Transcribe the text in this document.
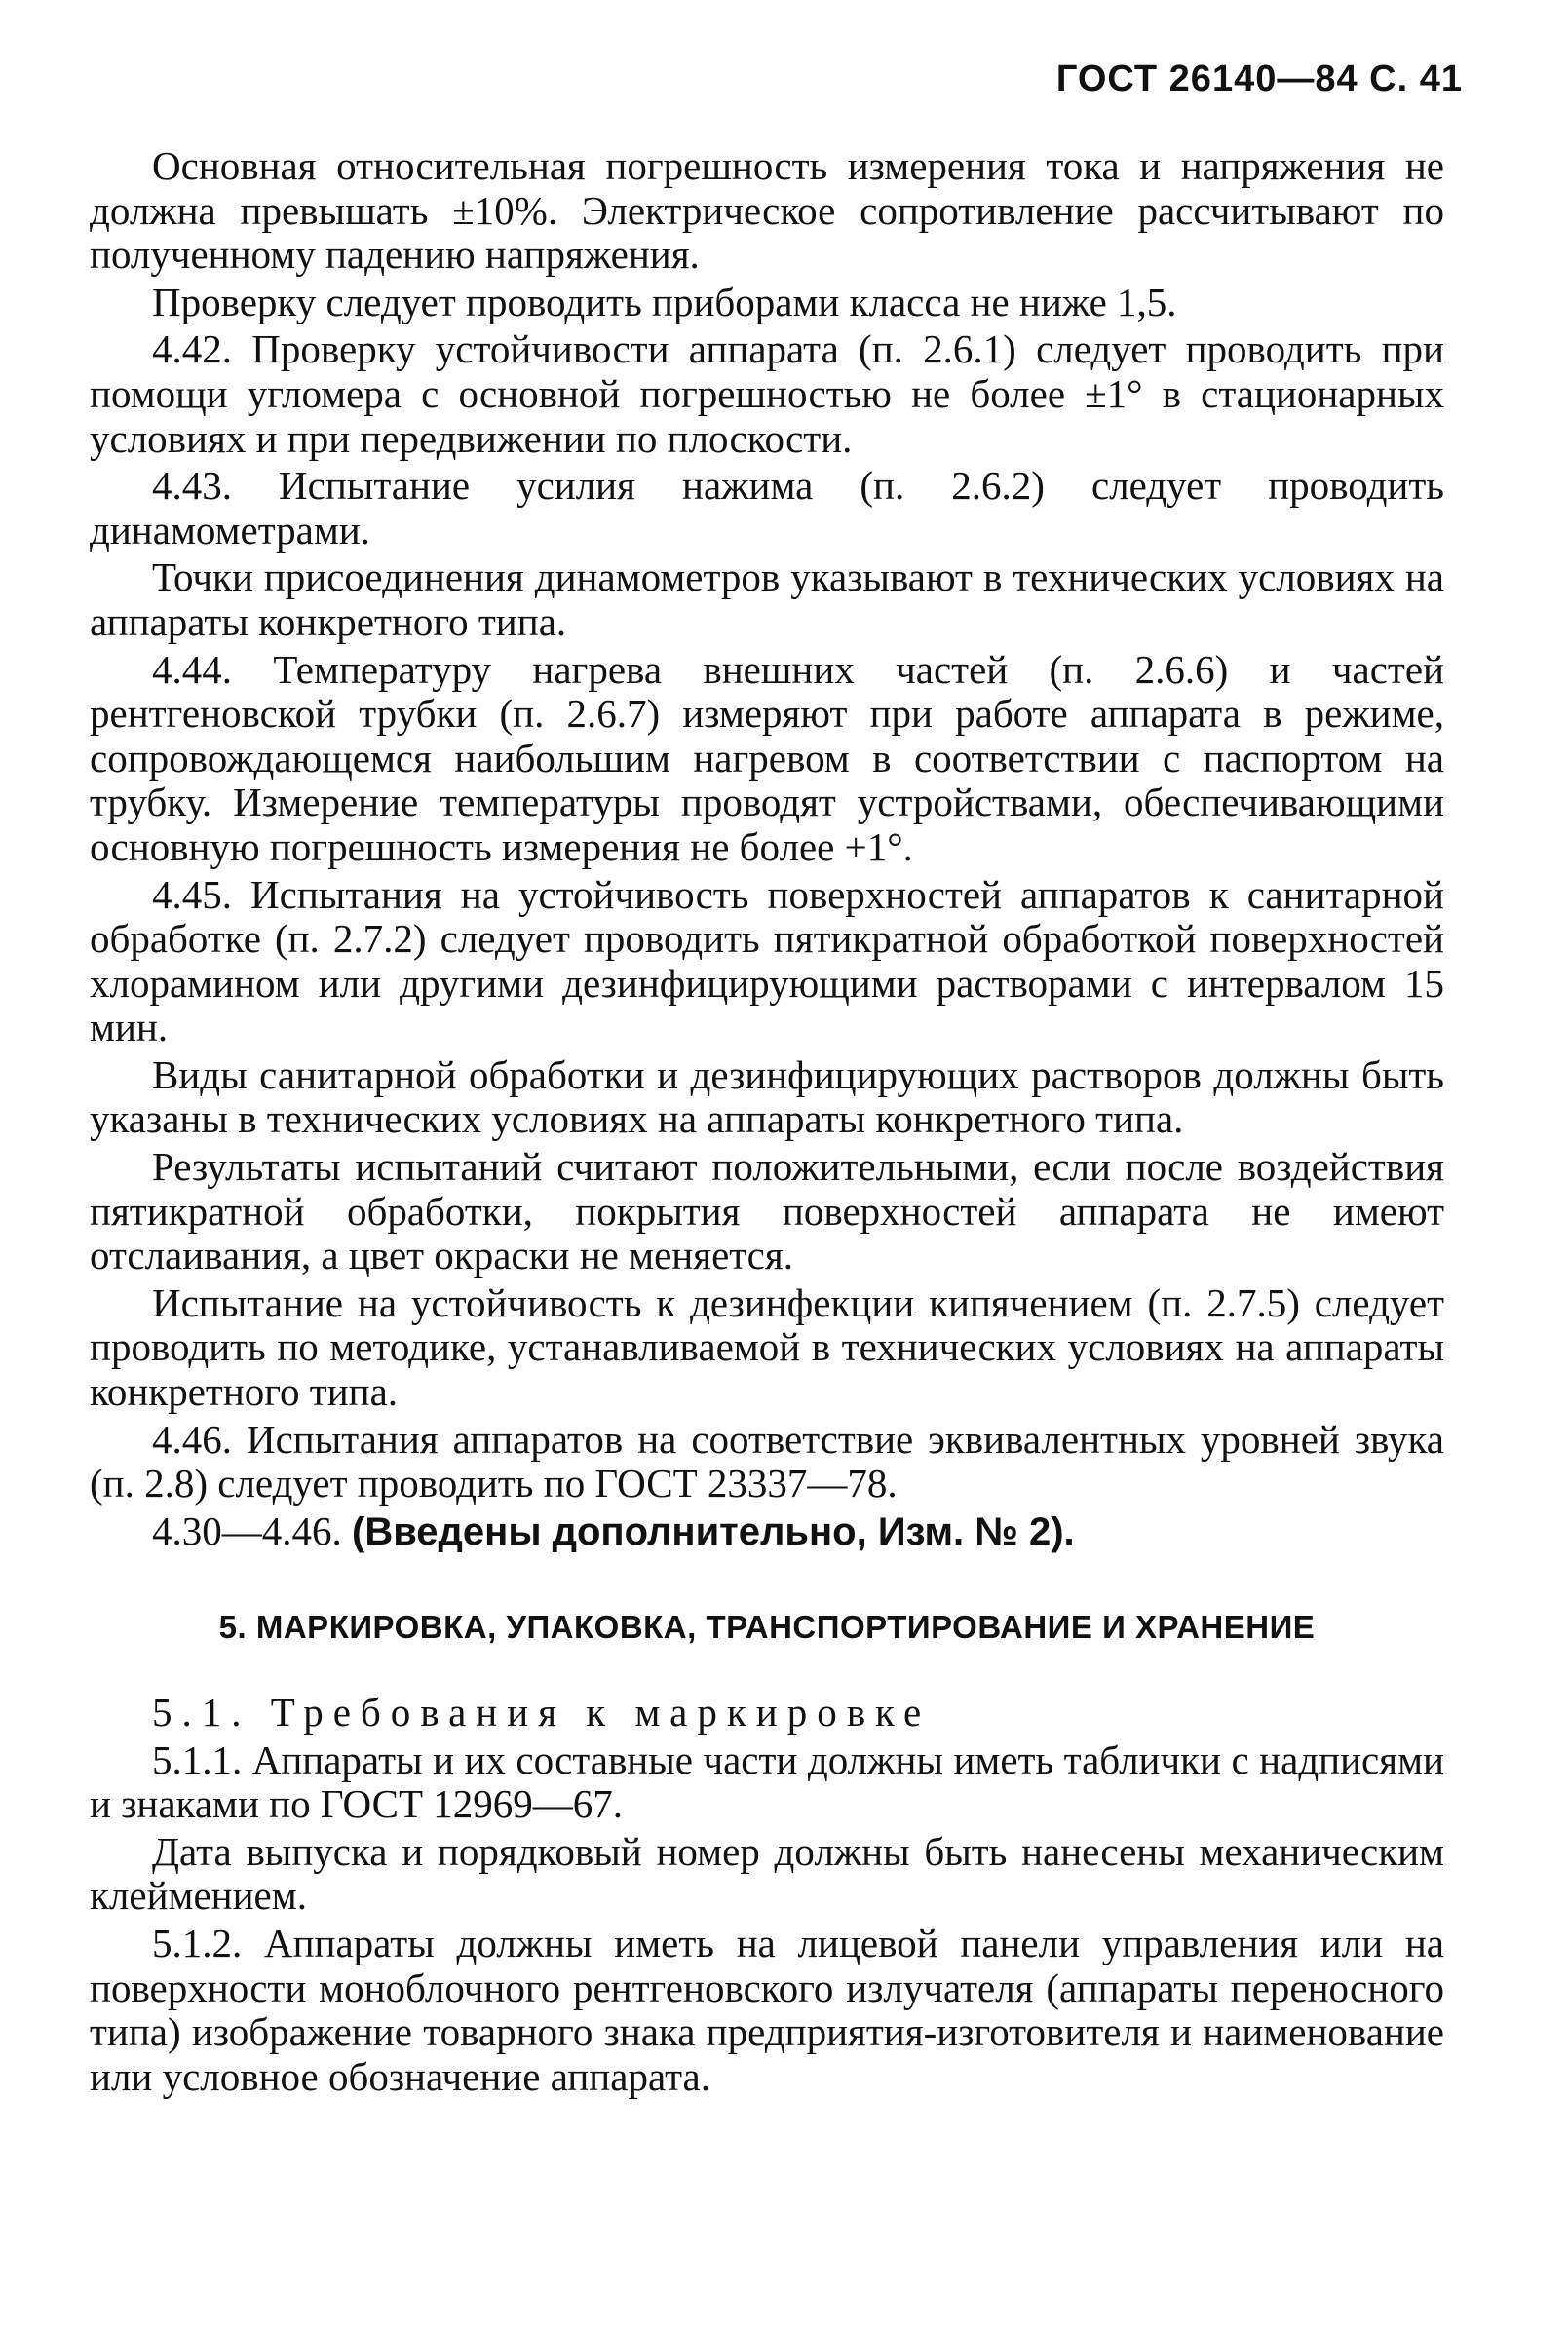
ГОСТ 26140—84 С. 41

Основная относительная погрешность измерения тока и напряжения не должна превышать ±10%. Электрическое сопротивление рассчитывают по полученному падению напряжения.

Проверку следует проводить приборами класса не ниже 1,5.

4.42. Проверку устойчивости аппарата (п. 2.6.1) следует проводить при помощи угломера с основной погрешностью не более ±1° в стационарных условиях и при передвижении по плоскости.

4.43. Испытание усилия нажима (п. 2.6.2) следует проводить динамометрами.

Точки присоединения динамометров указывают в технических условиях на аппараты конкретного типа.

4.44. Температуру нагрева внешних частей (п. 2.6.6) и частей рентгеновской трубки (п. 2.6.7) измеряют при работе аппарата в режиме, сопровождающемся наибольшим нагревом в соответствии с паспортом на трубку. Измерение температуры проводят устройствами, обеспечивающими основную погрешность измерения не более +1°.

4.45. Испытания на устойчивость поверхностей аппаратов к санитарной обработке (п. 2.7.2) следует проводить пятикратной обработкой поверхностей хлорамином или другими дезинфицирующими растворами с интервалом 15 мин.

Виды санитарной обработки и дезинфицирующих растворов должны быть указаны в технических условиях на аппараты конкретного типа.

Результаты испытаний считают положительными, если после воздействия пятикратной обработки, покрытия поверхностей аппарата не имеют отслаивания, а цвет окраски не меняется.

Испытание на устойчивость к дезинфекции кипячением (п. 2.7.5) следует проводить по методике, устанавливаемой в технических условиях на аппараты конкретного типа.

4.46. Испытания аппаратов на соответствие эквивалентных уровней звука (п. 2.8) следует проводить по ГОСТ 23337—78.

4.30—4.46. (Введены дополнительно, Изм. № 2).

5. МАРКИРОВКА, УПАКОВКА, ТРАНСПОРТИРОВАНИЕ И ХРАНЕНИЕ

5.1. Требования к маркировке

5.1.1. Аппараты и их составные части должны иметь таблички с надписями и знаками по ГОСТ 12969—67.

Дата выпуска и порядковый номер должны быть нанесены механическим клеймением.

5.1.2. Аппараты должны иметь на лицевой панели управления или на поверхности моноблочного рентгеновского излучателя (аппараты переносного типа) изображение товарного знака предприятия-изготовителя и наименование или условное обозначение аппарата.
